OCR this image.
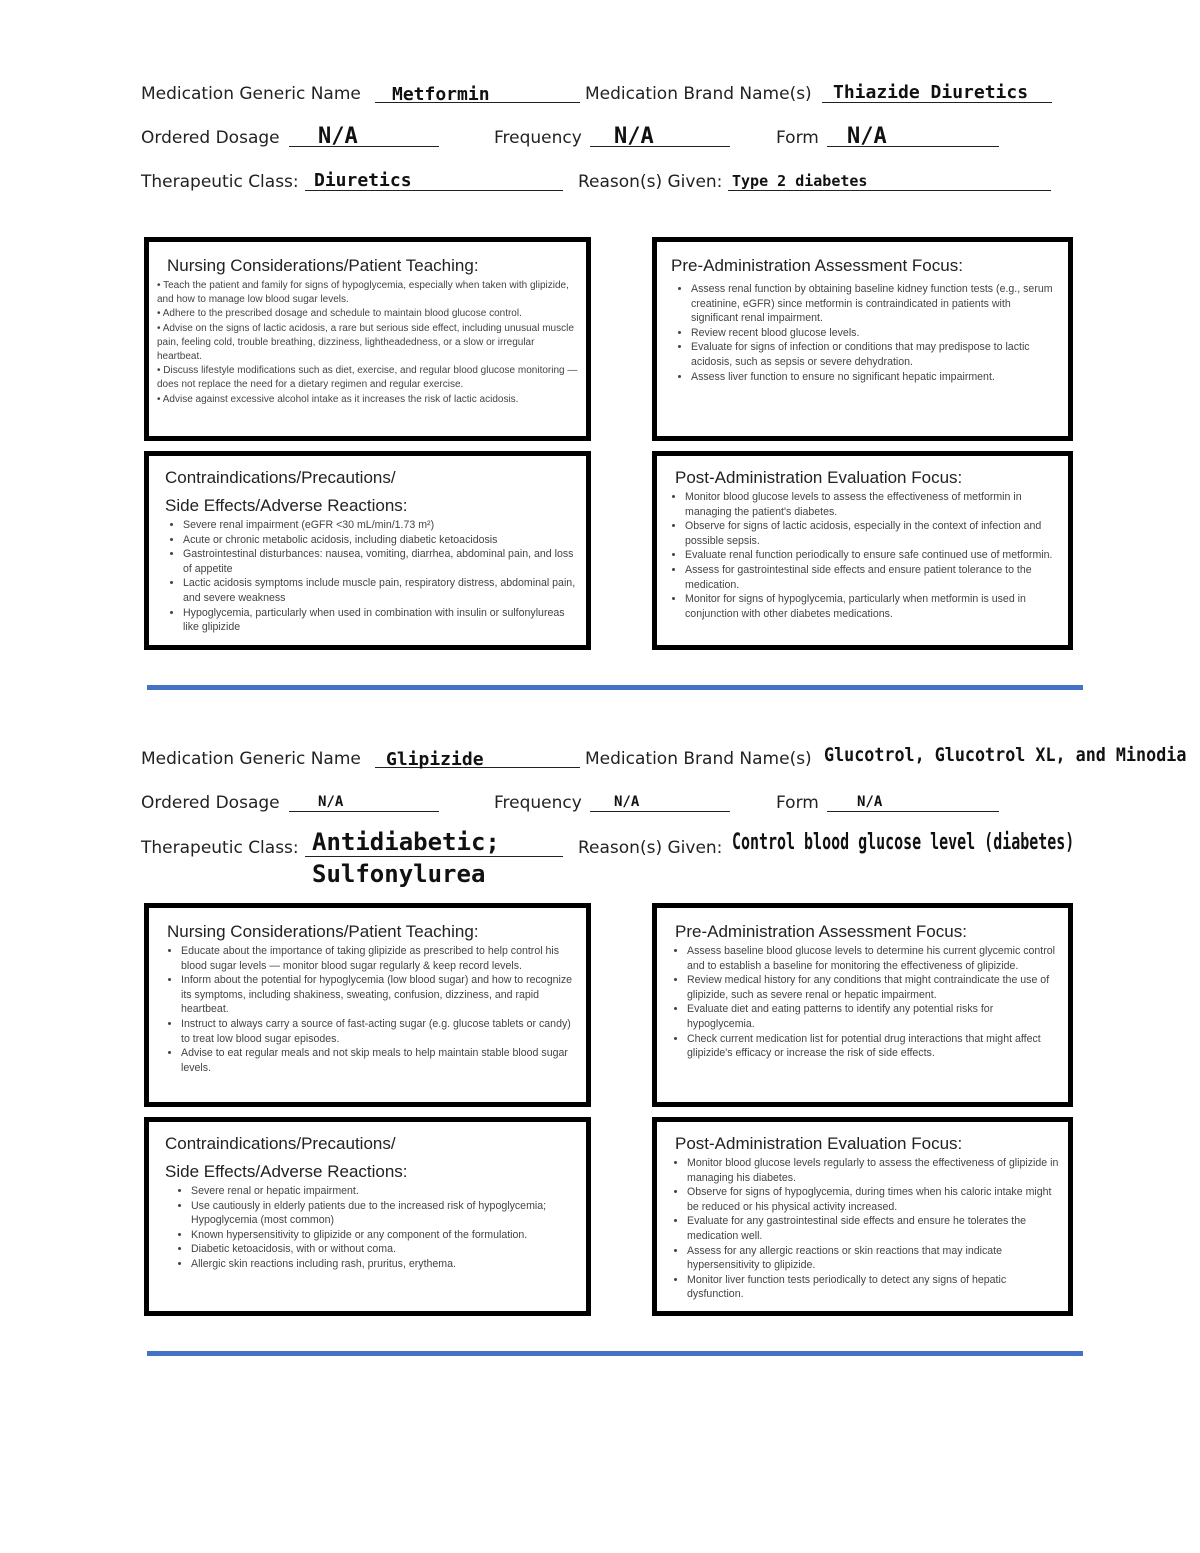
Medication Generic Name Metformin	Medication Brand Name(s) Thiazide Diuretics
Ordered Dosage N/A	Frequency N/A	Form N/A
Therapeutic Class: Diuretics	Reason(s) Given: Type 2 diabetes
Nursing Considerations/Patient Teaching:

• Teach the patient and family for signs of hypoglycemia, especially when taken with glipizide, and how to manage low blood sugar levels.

• Adhere to the prescribed dosage and schedule to maintain blood glucose control.

• Advise on the signs of lactic acidosis, a rare but serious side effect, including unusual muscle pain, feeling cold, trouble breathing, dizziness, lightheadedness, or a slow or irregular heartbeat.

• Discuss lifestyle modifications such as diet, exercise, and regular blood glucose monitoring — does not replace the need for a dietary regimen and regular exercise.

• Advise against excessive alcohol intake as it increases the risk of lactic acidosis.

Pre-Administration Assessment Focus:
• Assess renal function by obtaining baseline kidney function tests (e.g., serum creatinine, eGFR) since metformin is contraindicated in patients with significant renal impairment.
• Review recent blood glucose levels.
• Evaluate for signs of infection or conditions that may predispose to lactic acidosis, such as sepsis or severe dehydration.
• Assess liver function to ensure no significant hepatic impairment.
Contraindications/Precautions/
Side Effects/Adverse Reactions:
• Severe renal impairment (eGFR <30 mL/min/1.73 m²)
• Acute or chronic metabolic acidosis, including diabetic ketoacidosis
• Gastrointestinal disturbances: nausea, vomiting, diarrhea, abdominal pain, and loss of appetite
• Lactic acidosis symptoms include muscle pain, respiratory distress, abdominal pain, and severe weakness
• Hypoglycemia, particularly when used in combination with insulin or sulfonylureas like glipizide
Post-Administration Evaluation Focus:
• Monitor blood glucose levels to assess the effectiveness of metformin in managing the patient's diabetes.
• Observe for signs of lactic acidosis, especially in the context of infection and possible sepsis.
• Evaluate renal function periodically to ensure safe continued use of metformin.
• Assess for gastrointestinal side effects and ensure patient tolerance to the medication.
• Monitor for signs of hypoglycemia, particularly when metformin is used in conjunction with other diabetes medications.
Medication Generic Name Glipizide	Medication Brand Name(s) Glucotrol, Glucotrol XL, and Minodia
Ordered Dosage	N/A	Frequency N/A	Form	N/A
Therapeutic Class: Antidiabetic;
Sulfonylurea
Reason(s) Given: Control blood glucose level (diabetes)
Nursing Considerations/Patient Teaching:
• Educate about the importance of taking glipizide as prescribed to help control his blood sugar levels — monitor blood sugar regularly & keep record levels.
• Inform about the potential for hypoglycemia (low blood sugar) and how to recognize its symptoms, including shakiness, sweating, confusion, dizziness, and rapid heartbeat.
• Instruct to always carry a source of fast-acting sugar (e.g. glucose tablets or candy) to treat low blood sugar episodes.
• Advise to eat regular meals and not skip meals to help maintain stable blood sugar levels.
Pre-Administration Assessment Focus:
• Assess baseline blood glucose levels to determine his current glycemic control and to establish a baseline for monitoring the effectiveness of glipizide.
• Review medical history for any conditions that might contraindicate the use of glipizide, such as severe renal or hepatic impairment.
• Evaluate diet and eating patterns to identify any potential risks for hypoglycemia.
• Check current medication list for potential drug interactions that might affect glipizide's efficacy or increase the risk of side effects.
Contraindications/Precautions/
Side Effects/Adverse Reactions:
• Severe renal or hepatic impairment.
• Use cautiously in elderly patients due to the increased risk of hypoglycemia; Hypoglycemia (most common)
• Known hypersensitivity to glipizide or any component of the formulation.
• Diabetic ketoacidosis, with or without coma.
• Allergic skin reactions including rash, pruritus, erythema.
Post-Administration Evaluation Focus:
• Monitor blood glucose levels regularly to assess the effectiveness of glipizide in managing his diabetes.
• Observe for signs of hypoglycemia, during times when his caloric intake might be reduced or his physical activity increased.
• Evaluate for any gastrointestinal side effects and ensure he tolerates the medication well.
• Assess for any allergic reactions or skin reactions that may indicate hypersensitivity to glipizide.
• Monitor liver function tests periodically to detect any signs of hepatic dysfunction.
